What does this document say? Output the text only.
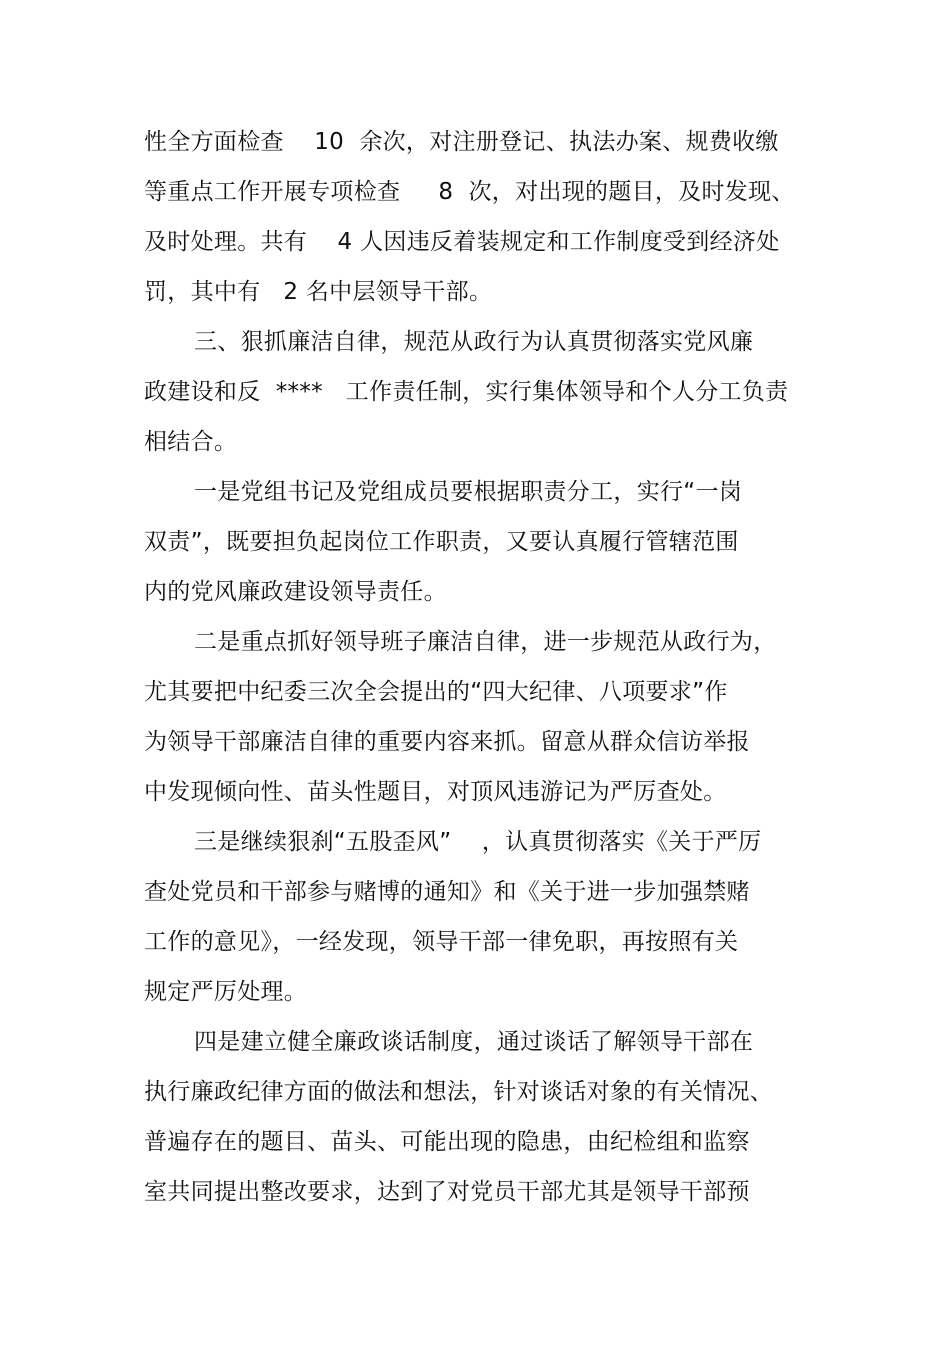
性全方面检查    10  余次，对注册登记、执法办案、规费收缴
等重点工作开展专项检查     8  次，对出现的题目，及时发现、
及时处理。共有    4 人因违反着装规定和工作制度受到经济处
罚，其中有   2 名中层领导干部。
三、狠抓廉洁自律，规范从政行为认真贯彻落实党风廉
政建设和反  ****   工作责任制，实行集体领导和个人分工负责
相结合。
一是党组书记及党组成员要根据职责分工，实行“一岗
双责”，既要担负起岗位工作职责，又要认真履行管辖范围
内的党风廉政建设领导责任。
二是重点抓好领导班子廉洁自律，进一步规范从政行为，
尤其要把中纪委三次全会提出的“四大纪律、八项要求”作
为领导干部廉洁自律的重要内容来抓。留意从群众信访举报
中发现倾向性、苗头性题目，对顶风违游记为严厉查处。
三是继续狠刹“五股歪风”    ，认真贯彻落实《关于严厉
查处党员和干部参与赌博的通知》和《关于进一步加强禁赌
工作的意见》，一经发现，领导干部一律免职，再按照有关
规定严厉处理。
四是建立健全廉政谈话制度，通过谈话了解领导干部在
执行廉政纪律方面的做法和想法，针对谈话对象的有关情况、
普遍存在的题目、苗头、可能出现的隐患，由纪检组和监察
室共同提出整改要求，达到了对党员干部尤其是领导干部预
